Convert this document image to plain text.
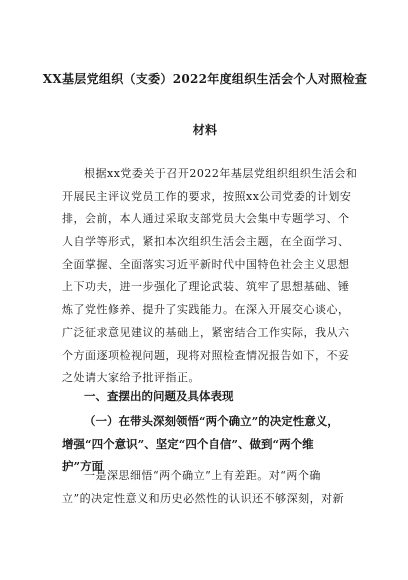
XX基层党组织（支委）2022年度组织生活会个人对照检查
材料
根据xx党委关于召开2022年基层党组织组织生活会和
开展民主评议党员工作的要求，按照xx公司党委的计划安
排，会前，本人通过采取支部党员大会集中专题学习、个
人自学等形式，紧扣本次组织生活会主题，在全面学习、
全面掌握、全面落实习近平新时代中国特色社会主义思想
上下功夫，进一步强化了理论武装、筑牢了思想基础、锤
炼了党性修养、提升了实践能力。在深入开展交心谈心，
广泛征求意见建议的基础上，紧密结合工作实际，我从六
个方面逐项检视问题，现将对照检查情况报告如下，不妥
之处请大家给予批评指正。
一、查摆出的问题及具体表现
（一）在带头深刻领悟“两个确立”的决定性意义，
增强“四个意识”、坚定“四个自信”、做到“两个维
护”方面
一是深思细悟“两个确立”上有差距。对“两个确
立”的决定性意义和历史必然性的认识还不够深刻，对新
